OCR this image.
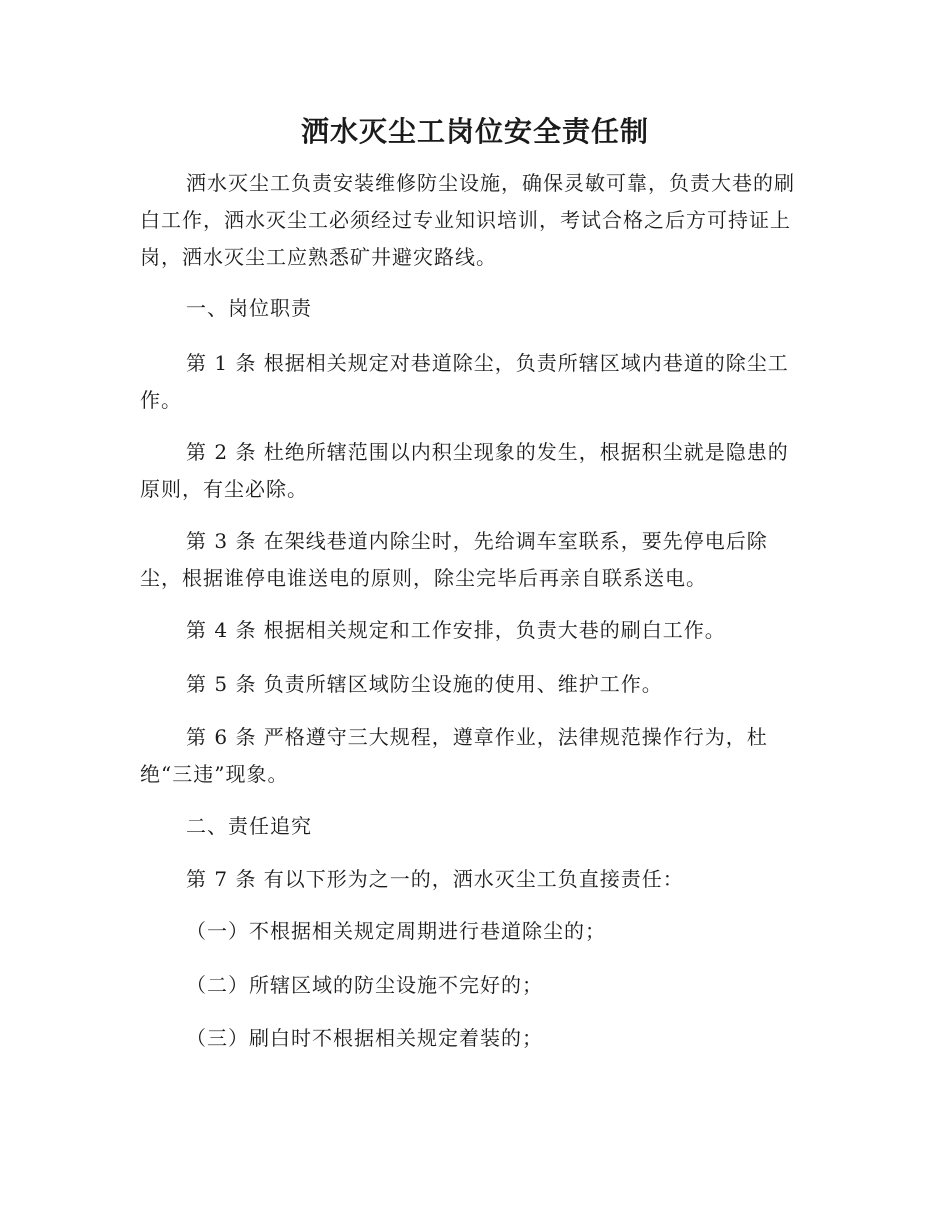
洒水灭尘工岗位安全责任制
洒水灭尘工负责安装维修防尘设施，确保灵敏可靠，负责大巷的刷白工作，洒水灭尘工必须经过专业知识培训，考试合格之后方可持证上岗，洒水灭尘工应熟悉矿井避灾路线。
一、岗位职责
第 1 条 根据相关规定对巷道除尘，负责所辖区域内巷道的除尘工作。
第 2 条 杜绝所辖范围以内积尘现象的发生，根据积尘就是隐患的原则，有尘必除。
第 3 条 在架线巷道内除尘时，先给调车室联系，要先停电后除尘，根据谁停电谁送电的原则，除尘完毕后再亲自联系送电。
第 4 条 根据相关规定和工作安排，负责大巷的刷白工作。
第 5 条 负责所辖区域防尘设施的使用、维护工作。
第 6 条 严格遵守三大规程，遵章作业，法律规范操作行为，杜绝“三违”现象。
二、责任追究
第 7 条 有以下形为之一的，洒水灭尘工负直接责任：
（一）不根据相关规定周期进行巷道除尘的；
（二）所辖区域的防尘设施不完好的；
（三）刷白时不根据相关规定着装的；
